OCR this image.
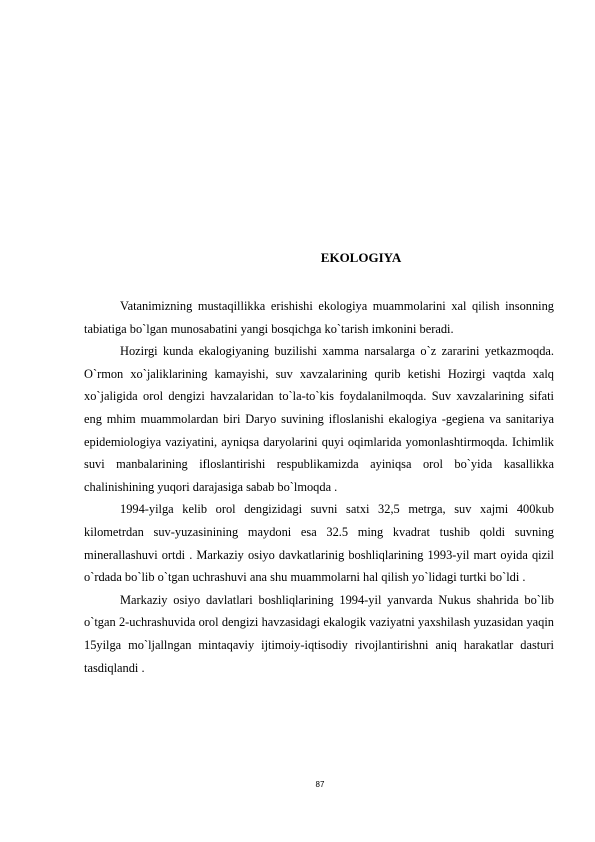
EKOLOGIYA

Vatanimizning mustaqillikka erishishi ekologiya muammolarini xal qilish insonning tabiatiga bo`lgan munosabatini yangi bosqichga ko`tarish imkonini beradi.

Hozirgi kunda ekalogiyaning buzilishi xamma narsalarga o`z zararini yetkazmoqda. O`rmon xo`jaliklarining kamayishi, suv xavzalarining qurib ketishi Hozirgi vaqtda xalq xo`jaligida orol dengizi havzalaridan to`la-to`kis foydalanilmoqda. Suv xavzalarining sifati eng mhim muammolardan biri Daryo suvining ifloslanishi ekalogiya -gegiena va sanitariya epidemiologiya vaziyatini, ayniqsa daryolarini quyi oqimlarida yomonlashtirmoqda. Ichimlik suvi manbalarining ifloslantirishi respublikamizda ayiniqsa orol bo`yida kasallikka chalinishining yuqori darajasiga sabab bo`lmoqda .

1994-yilga kelib orol dengizidagi suvni satxi 32,5 metrga, suv xajmi 400kub kilometrdan suv-yuzasinining maydoni esa 32.5 ming kvadrat tushib qoldi suvning minerallashuvi ortdi . Markaziy osiyo davkatlarinig boshliqlarining 1993-yil mart oyida qizil o`rdada bo`lib o`tgan uchrashuvi ana shu muammolarni hal qilish yo`lidagi turtki bo`ldi .

Markaziy osiyo davlatlari boshliqlarining 1994-yil yanvarda Nukus shahrida bo`lib o`tgan 2-uchrashuvida orol dengizi havzasidagi ekalogik vaziyatni yaxshilash yuzasidan yaqin 15yilga mo`ljallngan mintaqaviy ijtimoiy-iqtisodiy rivojlantirishni aniq harakatlar dasturi tasdiqlandi .

87
